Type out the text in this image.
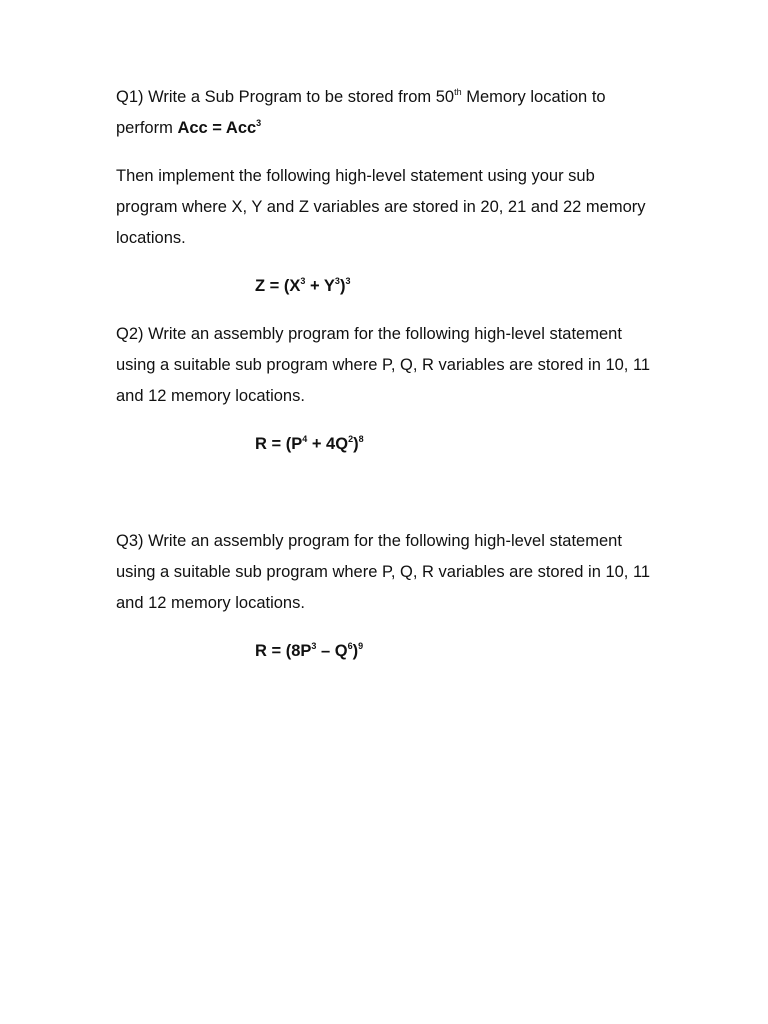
Q1) Write a Sub Program to be stored from 50th Memory location to
perform Acc = Acc$^3$

Then implement the following high-level statement using your sub program where X, Y and Z variables are stored in 20, 21 and 22 memory locations.

$Z = (X^3 + Y^3)^3$

Q2) Write an assembly program for the following high-level statement using a suitable sub program where P, Q, R variables are stored in 10, 11 and 12 memory locations.

$R = (P^4 + 4Q^2)^8$

Q3) Write an assembly program for the following high-level statement using a suitable sub program where P, Q, R variables are stored in 10, 11 and 12 memory locations.

$R = (8P^3 - Q^6)^9$
